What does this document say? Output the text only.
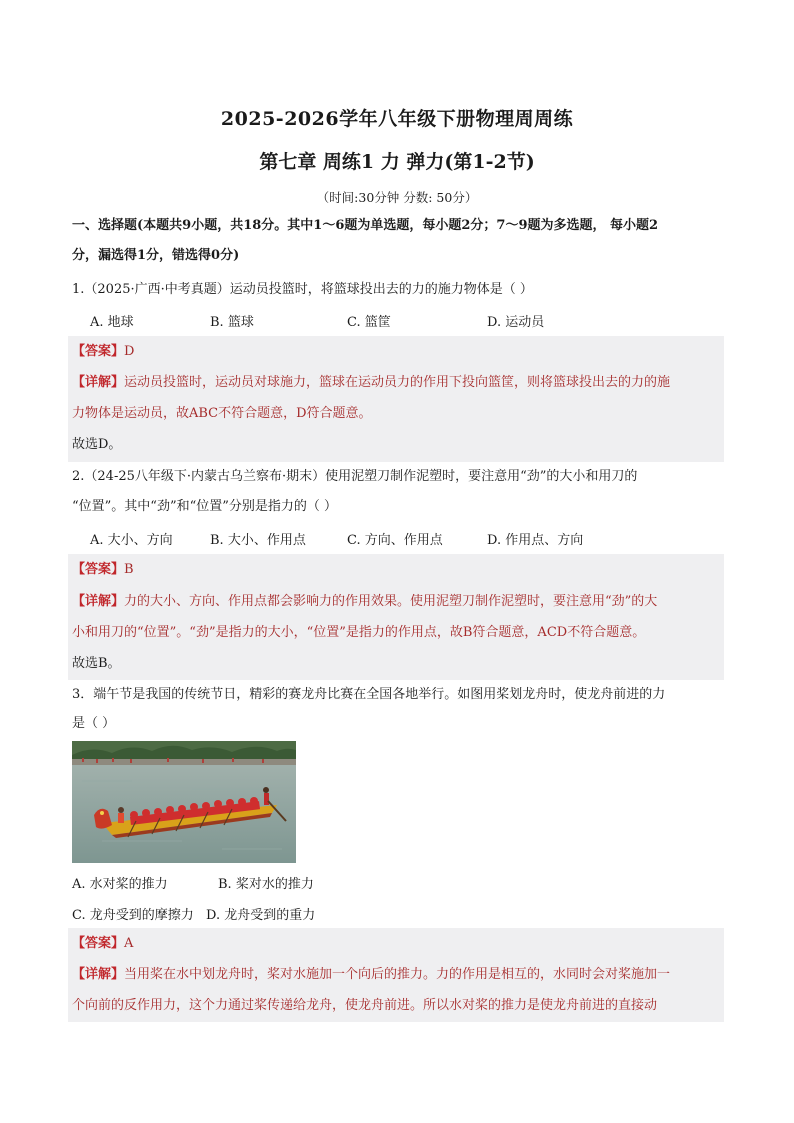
2025-2026学年八年级下册物理周周练
第七章 周练1 力 弹力(第1-2节)
（时间:30分钟 分数: 50分）
一、选择题(本题共9小题，共18分。其中1～6题为单选题，每小题2分；7～9题为多选题， 每小题2
分，漏选得1分，错选得0分)
1.（2025·广西·中考真题）运动员投篮时，将篮球投出去的力的施力物体是（ ）
A. 地球	B. 篮球	C. 篮筐	D. 运动员
【答案】D
【详解】运动员投篮时，运动员对球施力，篮球在运动员力的作用下投向篮筐，则将篮球投出去的力的施
力物体是运动员，故ABC不符合题意，D符合题意。
故选D。
2.（24-25八年级下·内蒙古乌兰察布·期末）使用泥塑刀制作泥塑时，要注意用“劲”的大小和用刀的
“位置”。其中“劲”和“位置”分别是指力的（ ）
A. 大小、方向	B. 大小、作用点	C. 方向、作用点	D. 作用点、方向
【答案】B
【详解】力的大小、方向、作用点都会影响力的作用效果。使用泥塑刀制作泥塑时，要注意用“劲”的大
小和用刀的“位置”。“劲”是指力的大小，“位置”是指力的作用点，故B符合题意，ACD不符合题意。
故选B。
3．端午节是我国的传统节日，精彩的赛龙舟比赛在全国各地举行。如图用桨划龙舟时，使龙舟前进的力
是（ ）
A. 水对桨的推力	B. 桨对水的推力
C. 龙舟受到的摩擦力 D. 龙舟受到的重力
【答案】A
【详解】当用桨在水中划龙舟时，桨对水施加一个向后的推力。力的作用是相互的，水同时会对桨施加一
个向前的反作用力，这个力通过桨传递给龙舟，使龙舟前进。所以水对桨的推力是使龙舟前进的直接动
